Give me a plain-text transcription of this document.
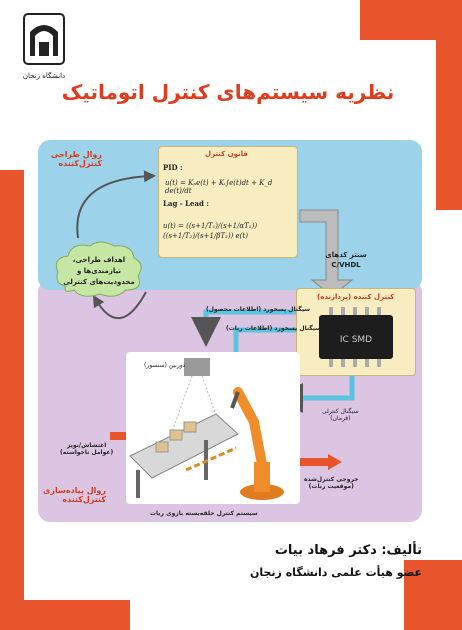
دانشگاه زنجان
نظریه سیستم‌های کنترل اتوماتیک
روال طراحی
کنترل‌کننده
قانون کنترل
PID :
u(t) = Kₚe(t) + Kᵢ∫e(t)dt + K_d de(t)/dt
Lag - Lead :
u(t) = ((s+1/T₁)/(s+1/αT₁)) ((s+1/T₂)/(s+1/βT₂)) e(t)
اهداف طراحی، نیازمندی‌ها و محدودیت‌های کنترلی
سنتز کدهای
C/VHDL
کنترل کننده (پردازنده)
IC SMD
روال پیاده‌سازی
کنترل‌کننده
دوربین (سنسور)
سیگنال پسخورد (اطلاعات محصول)
سیگنال پسخورد (اطلاعات ربات)
سیگنال کنترلی
(فرمان)
خروجی کنترل‌شده
(موقعیت ربات)
اغتشاش/نویز
(عوامل ناخواسته)
سیستم کنترل حلقه‌بسته بازوی ربات
تألیف: دکتر فرهاد بیات
عضو هیأت علمی دانشگاه زنجان
